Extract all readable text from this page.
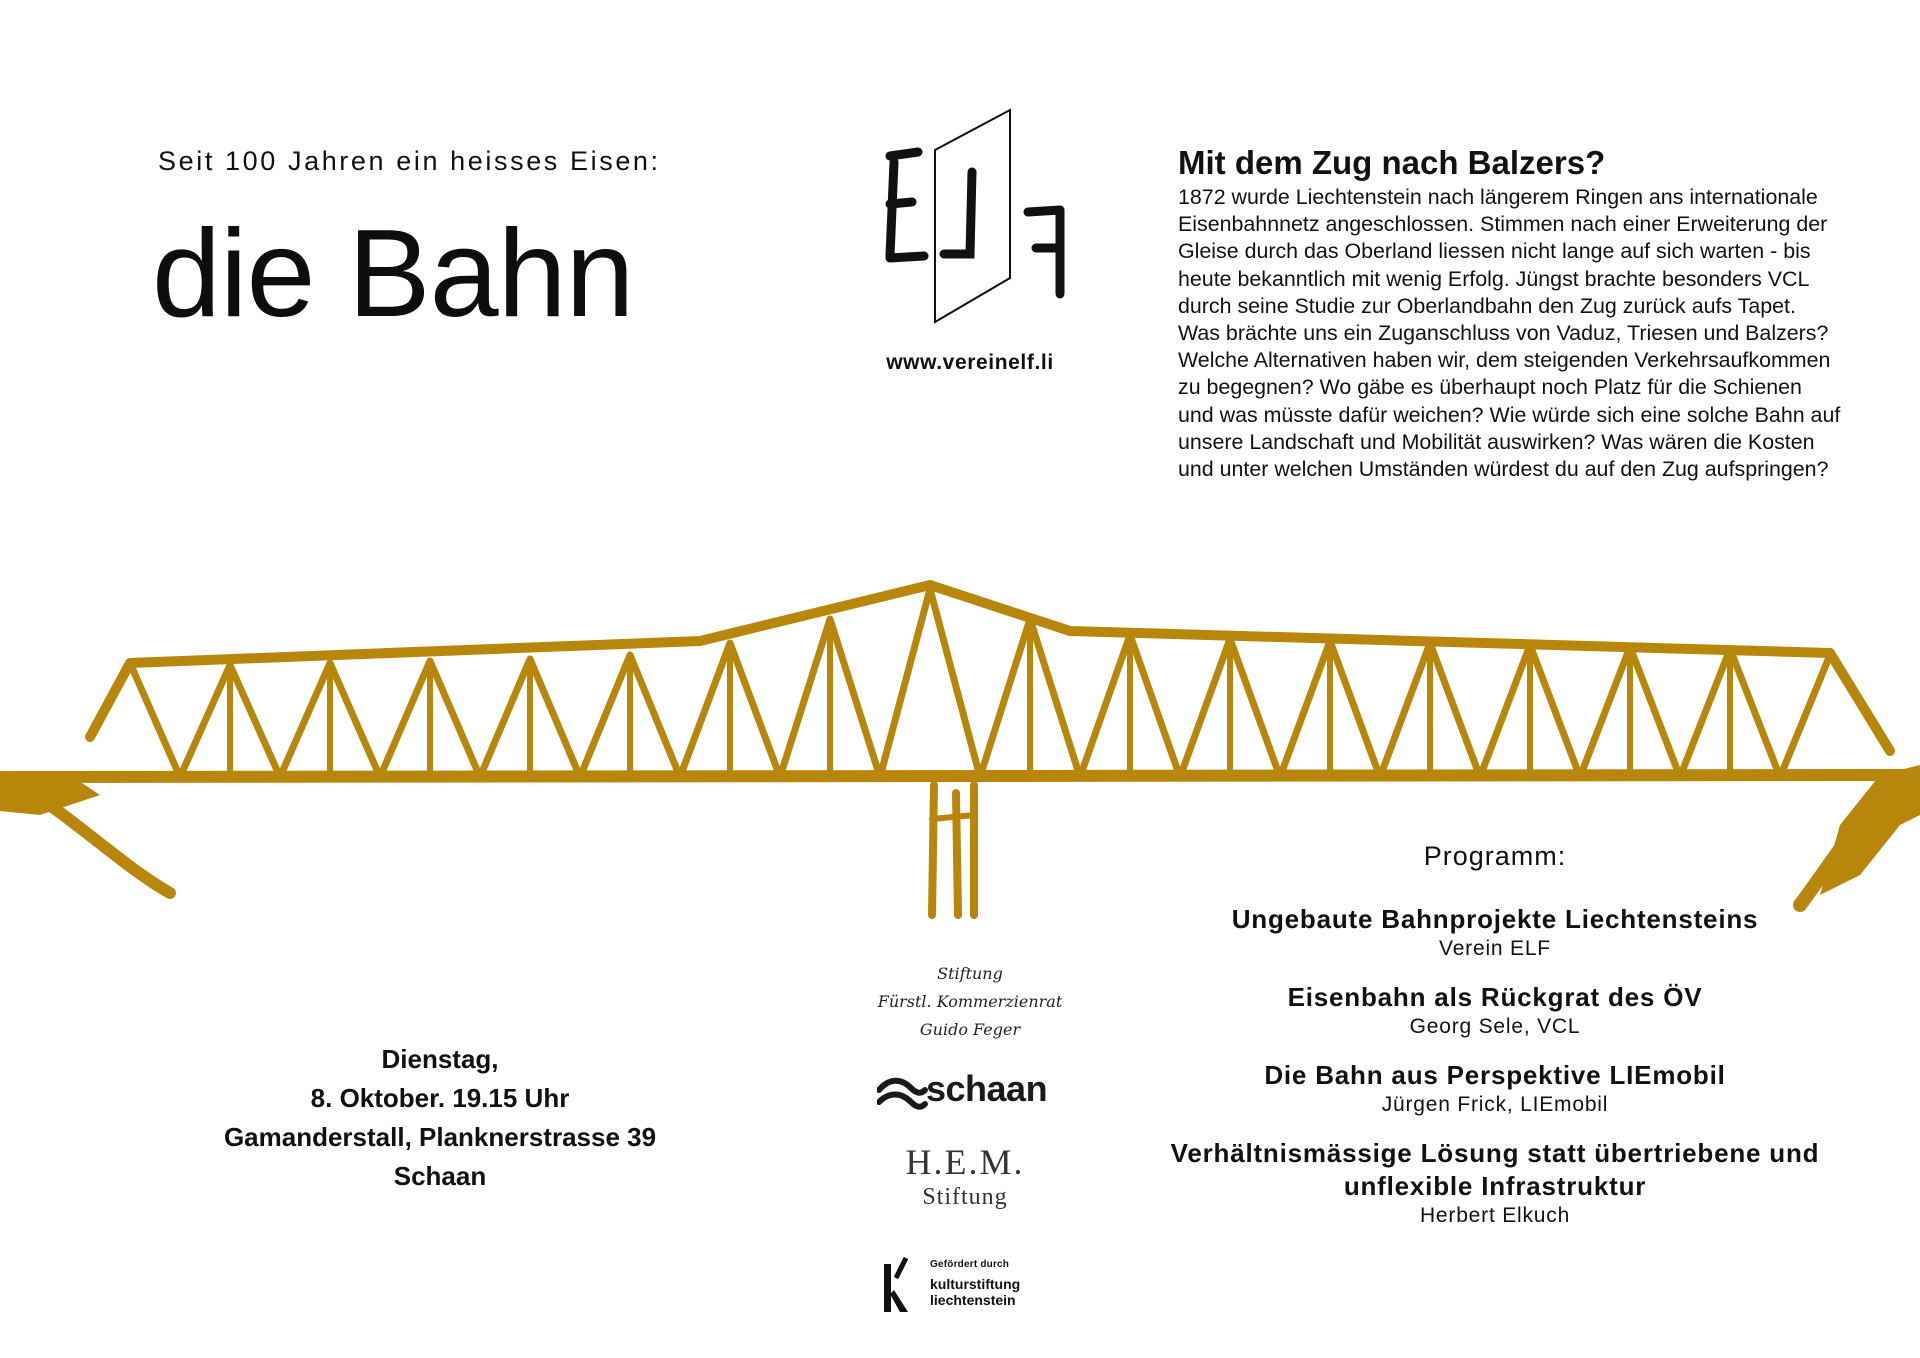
Seit 100 Jahren ein heisses Eisen:
die Bahn
www.vereinelf.li
Mit dem Zug nach Balzers?
1872 wurde Liechtenstein nach längerem Ringen ans internationale Eisenbahnnetz angeschlossen. Stimmen nach einer Erweiterung der Gleise durch das Oberland liessen nicht lange auf sich warten - bis heute bekanntlich mit wenig Erfolg. Jüngst brachte besonders VCL durch seine Studie zur Oberlandbahn den Zug zurück aufs Tapet. Was brächte uns ein Zuganschluss von Vaduz, Triesen und Balzers? Welche Alternativen haben wir, dem steigenden Verkehrsaufkommen zu begegnen? Wo gäbe es überhaupt noch Platz für die Schienen und was müsste dafür weichen? Wie würde sich eine solche Bahn auf unsere Landschaft und Mobilität auswirken? Was wären die Kosten und unter welchen Umständen würdest du auf den Zug aufspringen?
Programm:
Ungebaute Bahnprojekte Liechtensteins
Verein ELF
Eisenbahn als Rückgrat des ÖV
Georg Sele, VCL
Die Bahn aus Perspektive LIEmobil
Jürgen Frick, LIEmobil
Verhältnismässige Lösung statt übertriebene und unflexible Infrastruktur
Herbert Elkuch
Dienstag,
8. Oktober. 19.15 Uhr
Gamanderstall, Planknerstrasse 39
Schaan
Stiftung
Fürstl. Kommerzienrat
Guido Feger
schaan
H.E.M.
Stiftung
Gefördert durch
kulturstiftung
liechtenstein
